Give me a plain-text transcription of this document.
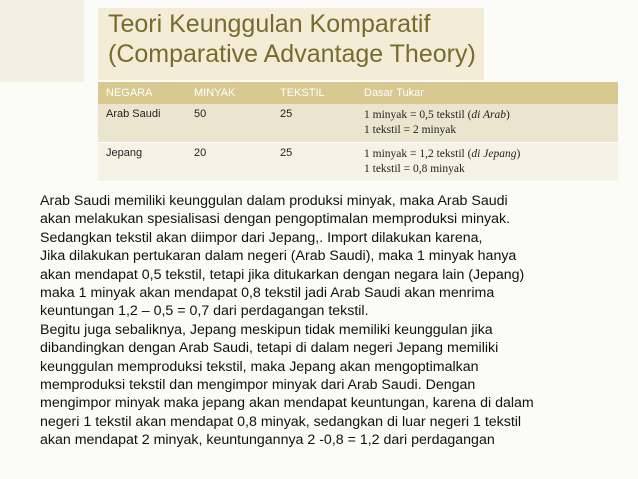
Teori Keunggulan Komparatif
(Comparative Advantage Theory)
NEGARA	MINYAK	TEKSTIL	Dasar Tukar
Arab Saudi	50	25	1 minyak = 0,5 tekstil (di Arab)
1 tekstil = 2 minyak

Jepang	20	25	1 minyak = 1,2 tekstil (di Jepang)
1 tekstil = 0,8 minyak
Arab Saudi memiliki keunggulan dalam produksi minyak, maka Arab Saudi
akan melakukan spesialisasi dengan pengoptimalan memproduksi minyak.
Sedangkan tekstil akan diimpor dari Jepang,. Import dilakukan karena,
Jika dilakukan pertukaran dalam negeri (Arab Saudi), maka 1 minyak hanya
akan mendapat 0,5 tekstil, tetapi jika ditukarkan dengan negara lain (Jepang)
maka 1 minyak akan mendapat 0,8 tekstil jadi Arab Saudi akan menrima
keuntungan 1,2 – 0,5 = 0,7 dari perdagangan tekstil.
Begitu juga sebaliknya, Jepang meskipun tidak memiliki keunggulan jika
dibandingkan dengan Arab Saudi, tetapi di dalam negeri Jepang memiliki
keunggulan memproduksi tekstil, maka Jepang akan mengoptimalkan
memproduksi tekstil dan mengimpor minyak dari Arab Saudi. Dengan
mengimpor minyak maka jepang akan mendapat keuntungan, karena di dalam
negeri 1 tekstil akan mendapat 0,8 minyak, sedangkan di luar negeri 1 tekstil
akan mendapat 2 minyak, keuntungannya 2 -0,8 = 1,2 dari perdagangan
